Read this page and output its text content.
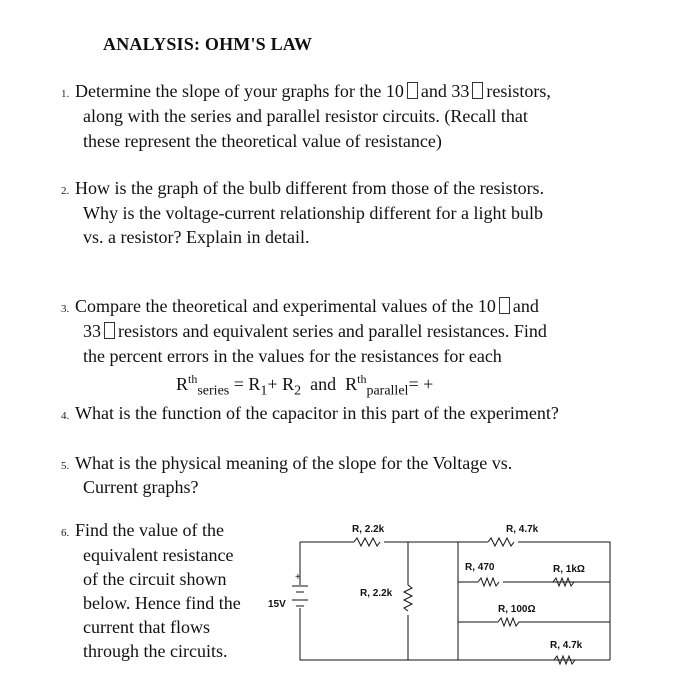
ANALYSIS: OHM'S LAW
1. Determine the slope of your graphs for the 10 and 33 resistors,
along with the series and parallel resistor circuits. (Recall that
these represent the theoretical value of resistance)
2. How is the graph of the bulb different from those of the resistors.
Why is the voltage-current relationship different for a light bulb
vs. a resistor? Explain in detail.
3. Compare the theoretical and experimental values of the 10 and
33 resistors and equivalent series and parallel resistances. Find
the percent errors in the values for the resistances for each
$R^{th}_{series} = R_1+ R_2$ and $R^{th}_{parallel}=$ +
4. What is the function of the capacitor in this part of the experiment?
5. What is the physical meaning of the slope for the Voltage vs.
Current graphs?
6. Find the value of the
equivalent resistance
of the circuit shown
below. Hence find the
current that flows
through the circuits.
15V
+
R, 2.2k
R, 2.2k
R, 470
R, 4.7k
R, 1kΩ
R, 100Ω
R, 4.7k
